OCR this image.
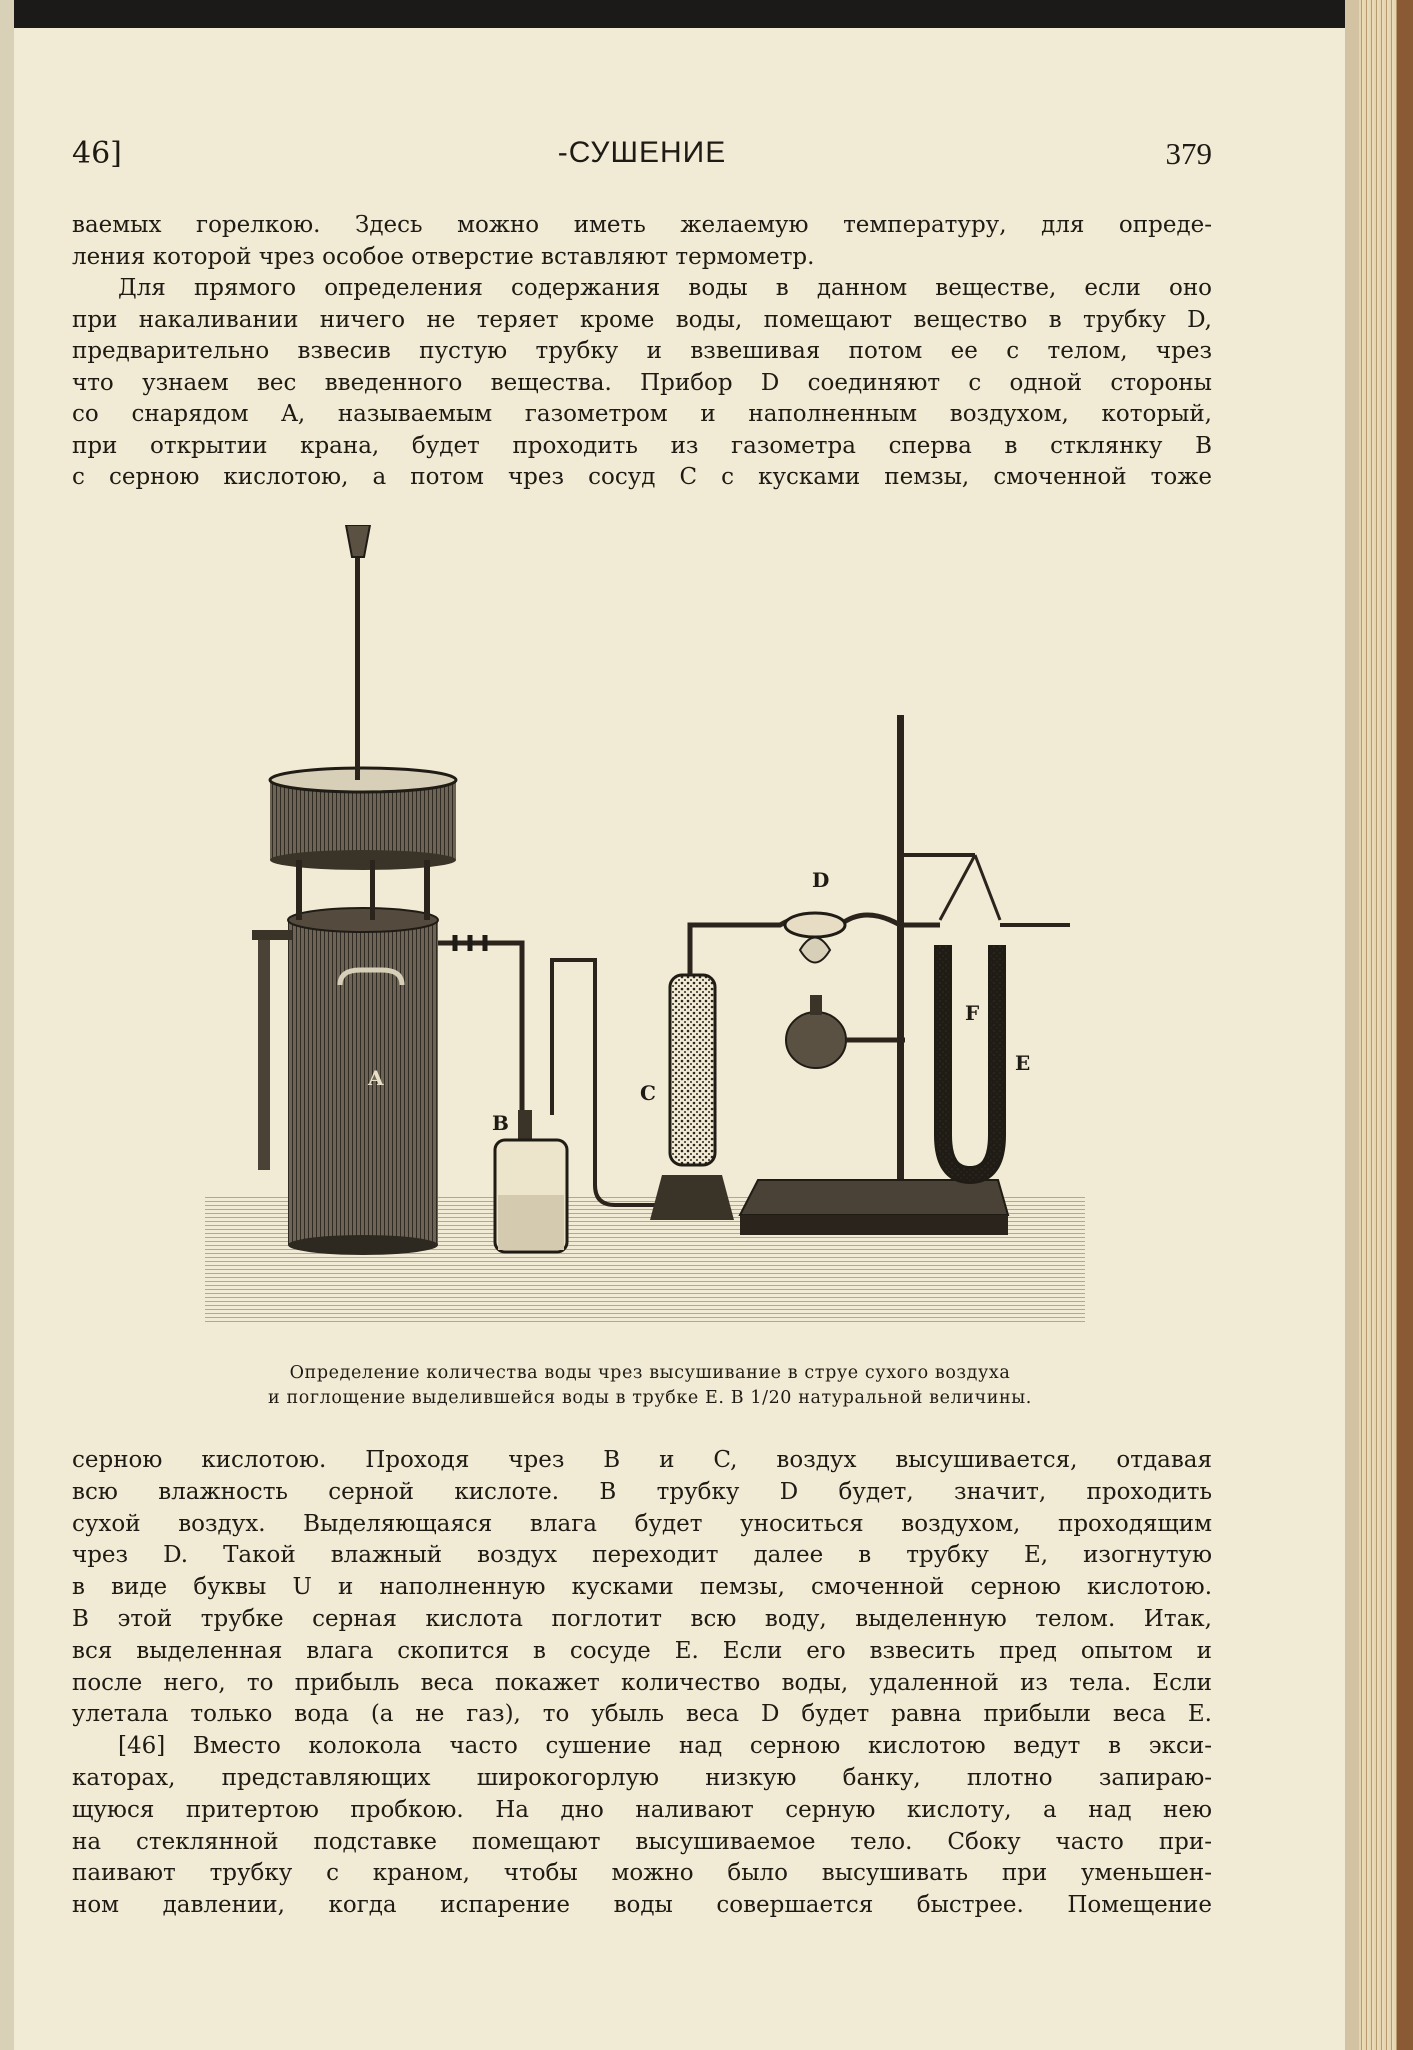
46]	-СУШЕНИЕ	379
ваемых горелкою. Здесь можно иметь желаемую температуру, для опреде-
ления которой чрез особое отверстие вставляют термометр.
Для прямого определения содержания воды в данном веществе, если оно
при накаливании ничего не теряет кроме воды, помещают вещество в трубку D,
предварительно взвесив пустую трубку и взвешивая потом ее с телом, чрез
что узнаем вес введенного вещества. Прибор D соединяют с одной стороны
со снарядом A, называемым газометром и наполненным воздухом, который,
при открытии крана, будет проходить из газометра сперва в стклянку B
с серною кислотою, а потом чрез сосуд C с кусками пемзы, смоченной тоже
A
B
C
D
F
E
Определение количества воды чрез высушивание в струе сухого воздуха
и поглощение выделившейся воды в трубке E. В 1/20 натуральной величины.
серною кислотою. Проходя чрез B и C, воздух высушивается, отдавая
всю влажность серной кислоте. В трубку D будет, значит, проходить
сухой воздух. Выделяющаяся влага будет уноситься воздухом, проходящим
чрез D. Такой влажный воздух переходит далее в трубку E, изогнутую
в виде буквы U и наполненную кусками пемзы, смоченной серною кислотою.
В этой трубке серная кислота поглотит всю воду, выделенную телом. Итак,
вся выделенная влага скопится в сосуде E. Если его взвесить пред опытом и
после него, то прибыль веса покажет количество воды, удаленной из тела. Если
улетала только вода (а не газ), то убыль веса D будет равна прибыли веса E.
[46] Вместо колокола часто сушение над серною кислотою ведут в экси-
каторах, представляющих широкогорлую низкую банку, плотно запираю-
щуюся притертою пробкою. На дно наливают серную кислоту, а над нею
на стеклянной подставке помещают высушиваемое тело. Сбоку часто при-
паивают трубку с краном, чтобы можно было высушивать при уменьшен-
ном давлении, когда испарение воды совершается быстрее. Помещение
